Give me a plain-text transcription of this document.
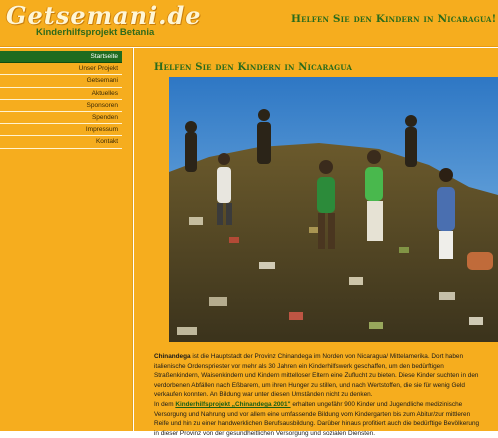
Getsemani.de
Kinderhilfsprojekt Betania
Helfen Sie den Kindern in Nicaragua!
Startseite
Unser Projekt
Getsemani
Aktuelles
Sponsoren
Spenden
Impressum
Kontakt
Helfen Sie den Kindern in Nicaragua

Chinandega ist die Hauptstadt der Provinz Chinandega im Norden von Nicaragua/ Mittelamerika. Dort haben

italienische Ordenspriester vor mehr als 30 Jahren ein Kinderhilfswerk geschaffen, um den bedürftigen

Straßenkindern, Waisenkindern und Kindern mittelloser Eltern eine Zuflucht zu bieten. Diese Kinder suchten in den

verdorbenen Abfällen nach Eßbarem, um ihren Hunger zu stillen, und nach Wertstoffen, die sie für wenig Geld

verkaufen konnten. An Bildung war unter diesen Umständen nicht zu denken.

In dem Kinderhilfsprojekt „Chinandega 2001" erhalten ungefähr 900 Kinder und Jugendliche medizinische

Versorgung und Nahrung und vor allem eine umfassende Bildung vom Kindergarten bis zum Abitur/zur mittleren

Reife und hin zu einer handwerklichen Berufsausbildung. Darüber hinaus profitiert auch die bedürftige Bevölkerung

in dieser Provinz von der gesundheitlichen Versorgung und sozialen Diensten.
